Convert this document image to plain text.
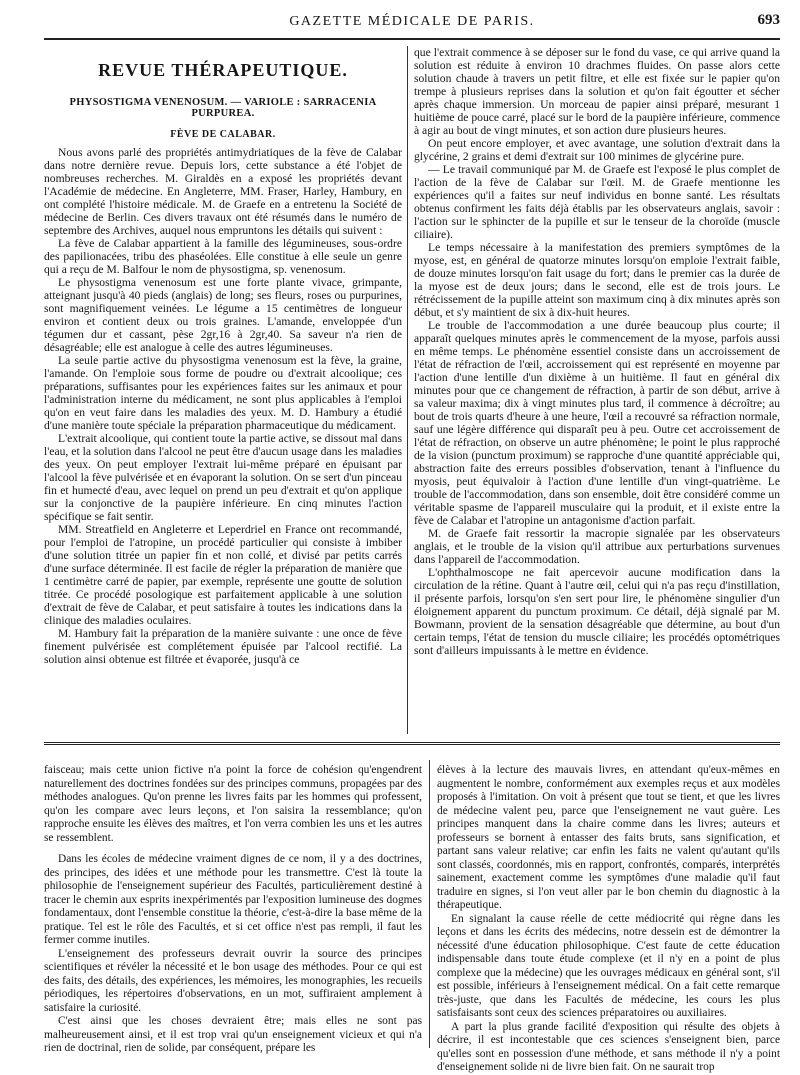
GAZETTE MÉDICALE DE PARIS.	693
REVUE THÉRAPEUTIQUE.
PHYSOSTIGMA VENENOSUM. — VARIOLE : SARRACENIA PURPUREA.
FÈVE DE CALABAR.

Nous avons parlé des propriétés antimydriatiques de la fève de Calabar dans notre dernière revue. Depuis lors, cette substance a été l'objet de nombreuses recherches. M. Giraldès en a exposé les propriétés devant l'Académie de médecine. En Angleterre, MM. Fraser, Harley, Hambury, en ont complété l'histoire médicale. M. de Graefe en a entretenu la Société de médecine de Berlin. Ces divers travaux ont été résumés dans le numéro de septembre des Archives, auquel nous empruntons les détails qui suivent :

La fève de Calabar appartient à la famille des légumineuses, sous-ordre des papilionacées, tribu des phaséolées. Elle constitue à elle seule un genre qui a reçu de M. Balfour le nom de physostigma, sp. venenosum.

Le physostigma venenosum est une forte plante vivace, grimpante, atteignant jusqu'à 40 pieds (anglais) de long; ses fleurs, roses ou purpurines, sont magnifiquement veinées. Le légume a 15 centimètres de longueur environ et contient deux ou trois graines. L'amande, enveloppée d'un tégumen dur et cassant, pèse 2gr,16 à 2gr,40. Sa saveur n'a rien de désagréable; elle est analogue à celle des autres légumineuses.

La seule partie active du physostigma venenosum est la fève, la graine, l'amande. On l'emploie sous forme de poudre ou d'extrait alcoolique; ces préparations, suffisantes pour les expériences faites sur les animaux et pour l'administration interne du médicament, ne sont plus applicables à l'emploi qu'on en veut faire dans les maladies des yeux. M. D. Hambury a étudié d'une manière toute spéciale la préparation pharmaceutique du médicament.

L'extrait alcoolique, qui contient toute la partie active, se dissout mal dans l'eau, et la solution dans l'alcool ne peut être d'aucun usage dans les maladies des yeux. On peut employer l'extrait lui-même préparé en épuisant par l'alcool la fève pulvérisée et en évaporant la solution. On se sert d'un pinceau fin et humecté d'eau, avec lequel on prend un peu d'extrait et qu'on applique sur la conjonctive de la paupière inférieure. En cinq minutes l'action spécifique se fait sentir.

MM. Streatfield en Angleterre et Leperdriel en France ont recommandé, pour l'emploi de l'atropine, un procédé particulier qui consiste à imbiber d'une solution titrée un papier fin et non collé, et divisé par petits carrés d'une surface déterminée. Il est facile de régler la préparation de manière que 1 centimètre carré de papier, par exemple, représente une goutte de solution titrée. Ce procédé posologique est parfaitement applicable à une solution d'extrait de fève de Calabar, et peut satisfaire à toutes les indications dans la clinique des maladies oculaires.

M. Hambury fait la préparation de la manière suivante : une once de fève finement pulvérisée est complétement épuisée par l'alcool rectifié. La solution ainsi obtenue est filtrée et évaporée, jusqu'à ce

que l'extrait commence à se déposer sur le fond du vase, ce qui arrive quand la solution est réduite à environ 10 drachmes fluides. On passe alors cette solution chaude à travers un petit filtre, et elle est fixée sur le papier qu'on trempe à plusieurs reprises dans la solution et qu'on fait égoutter et sécher après chaque immersion. Un morceau de papier ainsi préparé, mesurant 1 huitième de pouce carré, placé sur le bord de la paupière inférieure, commence à agir au bout de vingt minutes, et son action dure plusieurs heures.

On peut encore employer, et avec avantage, une solution d'extrait dans la glycérine, 2 grains et demi d'extrait sur 100 minimes de glycérine pure.

— Le travail communiqué par M. de Graefe est l'exposé le plus complet de l'action de la fève de Calabar sur l'œil. M. de Graefe mentionne les expériences qu'il a faites sur neuf individus en bonne santé. Les résultats obtenus confirment les faits déjà établis par les observateurs anglais, savoir : l'action sur le sphincter de la pupille et sur le tenseur de la choroïde (muscle ciliaire).

Le temps nécessaire à la manifestation des premiers symptômes de la myose, est, en général de quatorze minutes lorsqu'on emploie l'extrait faible, de douze minutes lorsqu'on fait usage du fort; dans le premier cas la durée de la myose est de deux jours; dans le second, elle est de trois jours. Le rétrécissement de la pupille atteint son maximum cinq à dix minutes après son début, et s'y maintient de six à dix-huit heures.

Le trouble de l'accommodation a une durée beaucoup plus courte; il apparaît quelques minutes après le commencement de la myose, parfois aussi en même temps. Le phénomène essentiel consiste dans un accroissement de l'état de réfraction de l'œil, accroissement qui est représenté en moyenne par l'action d'une lentille d'un dixième à un huitième. Il faut en général dix minutes pour que ce changement de réfraction, à partir de son début, arrive à sa valeur maxima; dix à vingt minutes plus tard, il commence à décroître; au bout de trois quarts d'heure à une heure, l'œil a recouvré sa réfraction normale, sauf une légère différence qui disparaît peu à peu. Outre cet accroissement de l'état de réfraction, on observe un autre phénomène; le point le plus rapproché de la vision (punctum proximum) se rapproche d'une quantité appréciable qui, abstraction faite des erreurs possibles d'observation, tenant à l'influence du myosis, peut équivaloir à l'action d'une lentille d'un vingt-quatrième. Le trouble de l'accommodation, dans son ensemble, doit être considéré comme un véritable spasme de l'appareil musculaire qui la produit, et il existe entre la fève de Calabar et l'atropine un antagonisme d'action parfait.

M. de Graefe fait ressortir la macropie signalée par les observateurs anglais, et le trouble de la vision qu'il attribue aux perturbations survenues dans l'appareil de l'accommodation.

L'ophthalmoscope ne fait apercevoir aucune modification dans la circulation de la rétine. Quant à l'autre œil, celui qui n'a pas reçu d'instillation, il présente parfois, lorsqu'on s'en sert pour lire, le phénomène singulier d'un éloignement apparent du punctum proximum. Ce détail, déjà signalé par M. Bowmann, provient de la sensation désagréable que détermine, au bout d'un certain temps, l'état de tension du muscle ciliaire; les procédés optométriques sont d'ailleurs impuissants à le mettre en évidence.

faisceau; mais cette union fictive n'a point la force de cohésion qu'engendrent naturellement des doctrines fondées sur des principes communs, propagées par des méthodes analogues. Qu'on prenne les livres faits par les hommes qui professent, qu'on les compare avec leurs leçons, et l'on saisira la ressemblance; qu'on rapproche ensuite les élèves des maîtres, et l'on verra combien les uns et les autres se ressemblent.

Dans les écoles de médecine vraiment dignes de ce nom, il y a des doctrines, des principes, des idées et une méthode pour les transmettre. C'est là toute la philosophie de l'enseignement supérieur des Facultés, particulièrement destiné à tracer le chemin aux esprits inexpérimentés par l'exposition lumineuse des dogmes fondamentaux, dont l'ensemble constitue la théorie, c'est-à-dire la base même de la pratique. Tel est le rôle des Facultés, et si cet office n'est pas rempli, il faut les fermer comme inutiles.

L'enseignement des professeurs devrait ouvrir la source des principes scientifiques et révéler la nécessité et le bon usage des méthodes. Pour ce qui est des faits, des détails, des expériences, les mémoires, les monographies, les recueils périodiques, les répertoires d'observations, en un mot, suffiraient amplement à satisfaire la curiosité.

C'est ainsi que les choses devraient être; mais elles ne sont pas malheureusement ainsi, et il est trop vrai qu'un enseignement vicieux et qui n'a rien de doctrinal, rien de solide, par conséquent, prépare les

élèves à la lecture des mauvais livres, en attendant qu'eux-mêmes en augmentent le nombre, conformément aux exemples reçus et aux modèles proposés à l'imitation. On voit à présent que tout se tient, et que les livres de médecine valent peu, parce que l'enseignement ne vaut guère. Les principes manquent dans la chaire comme dans les livres; auteurs et professeurs se bornent à entasser des faits bruts, sans signification, et partant sans valeur relative; car enfin les faits ne valent qu'autant qu'ils sont classés, coordonnés, mis en rapport, confrontés, comparés, interprétés sainement, exactement comme les symptômes d'une maladie qu'il faut traduire en signes, si l'on veut aller par le bon chemin du diagnostic à la thérapeutique.

En signalant la cause réelle de cette médiocrité qui règne dans les leçons et dans les écrits des médecins, notre dessein est de démontrer la nécessité d'une éducation philosophique. C'est faute de cette éducation indispensable dans toute étude complexe (et il n'y en a point de plus complexe que la médecine) que les ouvrages médicaux en général sont, s'il est possible, inférieurs à l'enseignement médical. On a fait cette remarque très-juste, que dans les Facultés de médecine, les cours les plus satisfaisants sont ceux des sciences préparatoires ou auxiliaires.

A part la plus grande facilité d'exposition qui résulte des objets à décrire, il est incontestable que ces sciences s'enseignent bien, parce qu'elles sont en possession d'une méthode, et sans méthode il n'y a point d'enseignement solide ni de livre bien fait. On ne saurait trop
